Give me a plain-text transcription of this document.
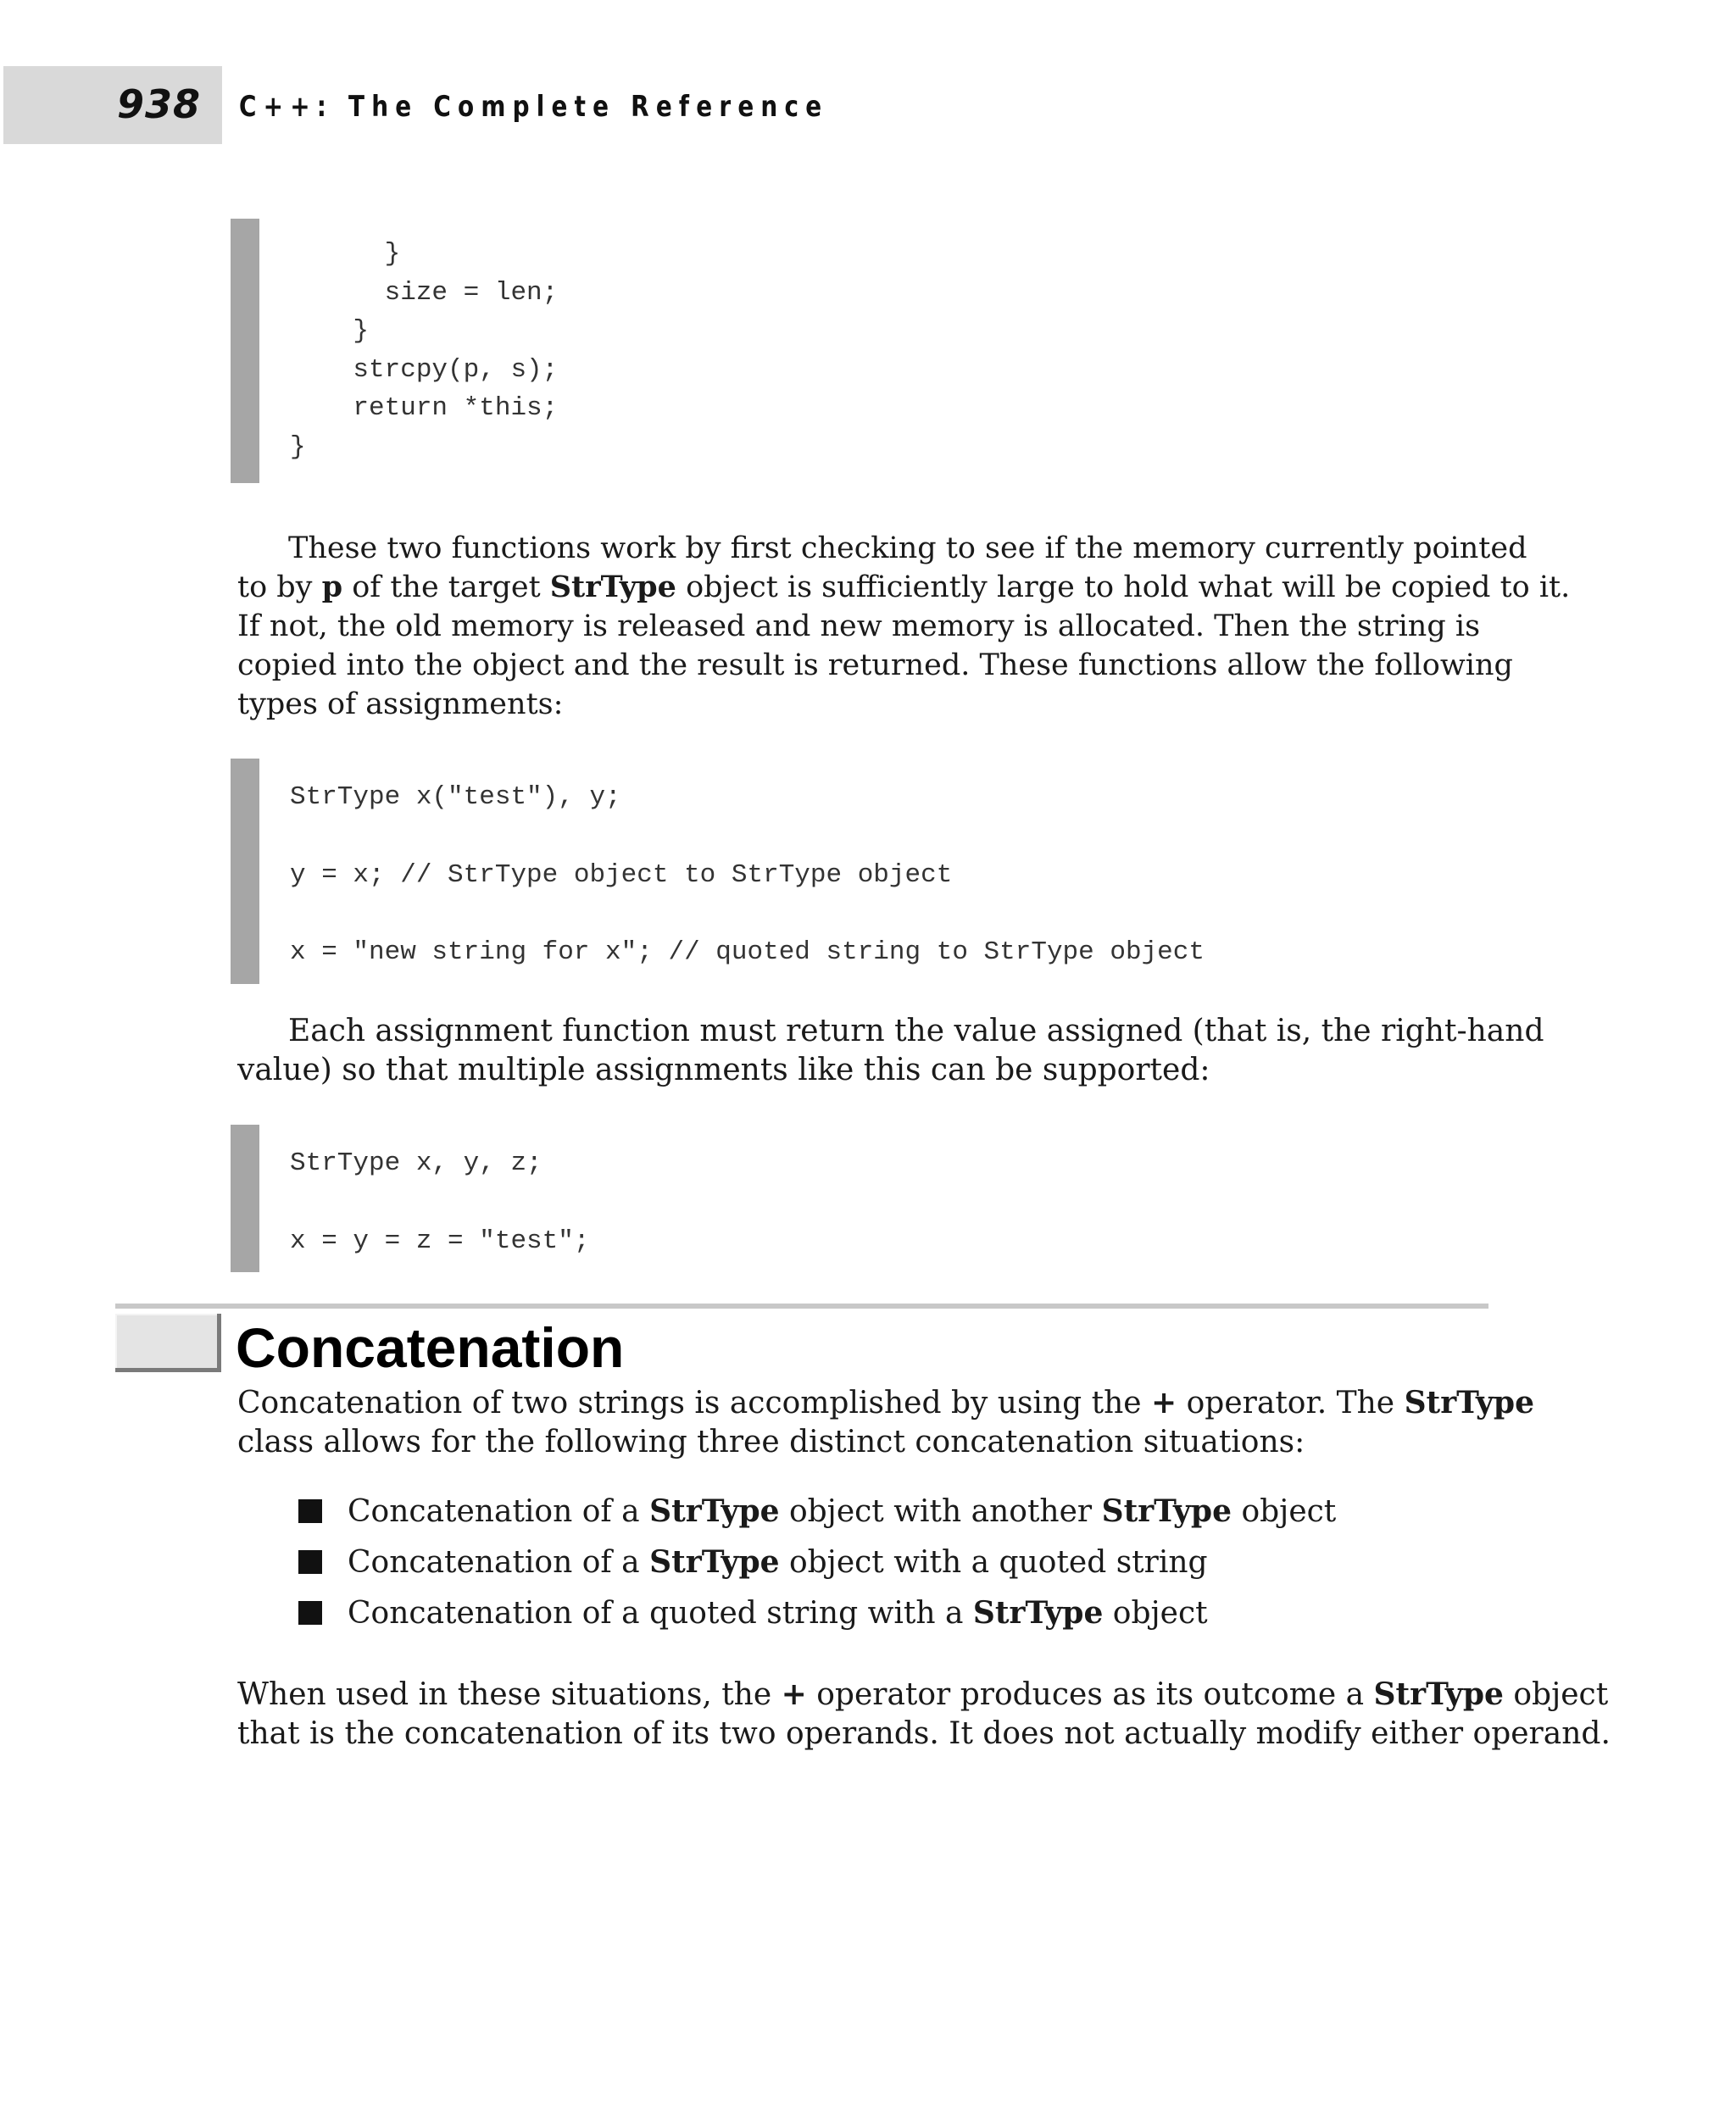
938 C++: The Complete Reference
}
size = len;
}
strcpy(p, s);
return *this;
}

These two functions work by first checking to see if the memory currently pointed
to by p of the target StrType object is sufficiently large to hold what will be copied to it.
If not, the old memory is released and new memory is allocated. Then the string is
copied into the object and the result is returned. These functions allow the following
types of assignments:

StrType x("test"), y;
y = x; // StrType object to StrType object
x = "new string for x"; // quoted string to StrType object

Each assignment function must return the value assigned (that is, the right-hand
value) so that multiple assignments like this can be supported:

StrType x, y, z;
x = y = z = "test";
Concatenation

Concatenation of two strings is accomplished by using the + operator. The StrType
class allows for the following three distinct concatenation situations:

Concatenation of a StrType object with another StrType object
Concatenation of a StrType object with a quoted string
Concatenation of a quoted string with a StrType object

When used in these situations, the + operator produces as its outcome a StrType object
that is the concatenation of its two operands. It does not actually modify either operand.
